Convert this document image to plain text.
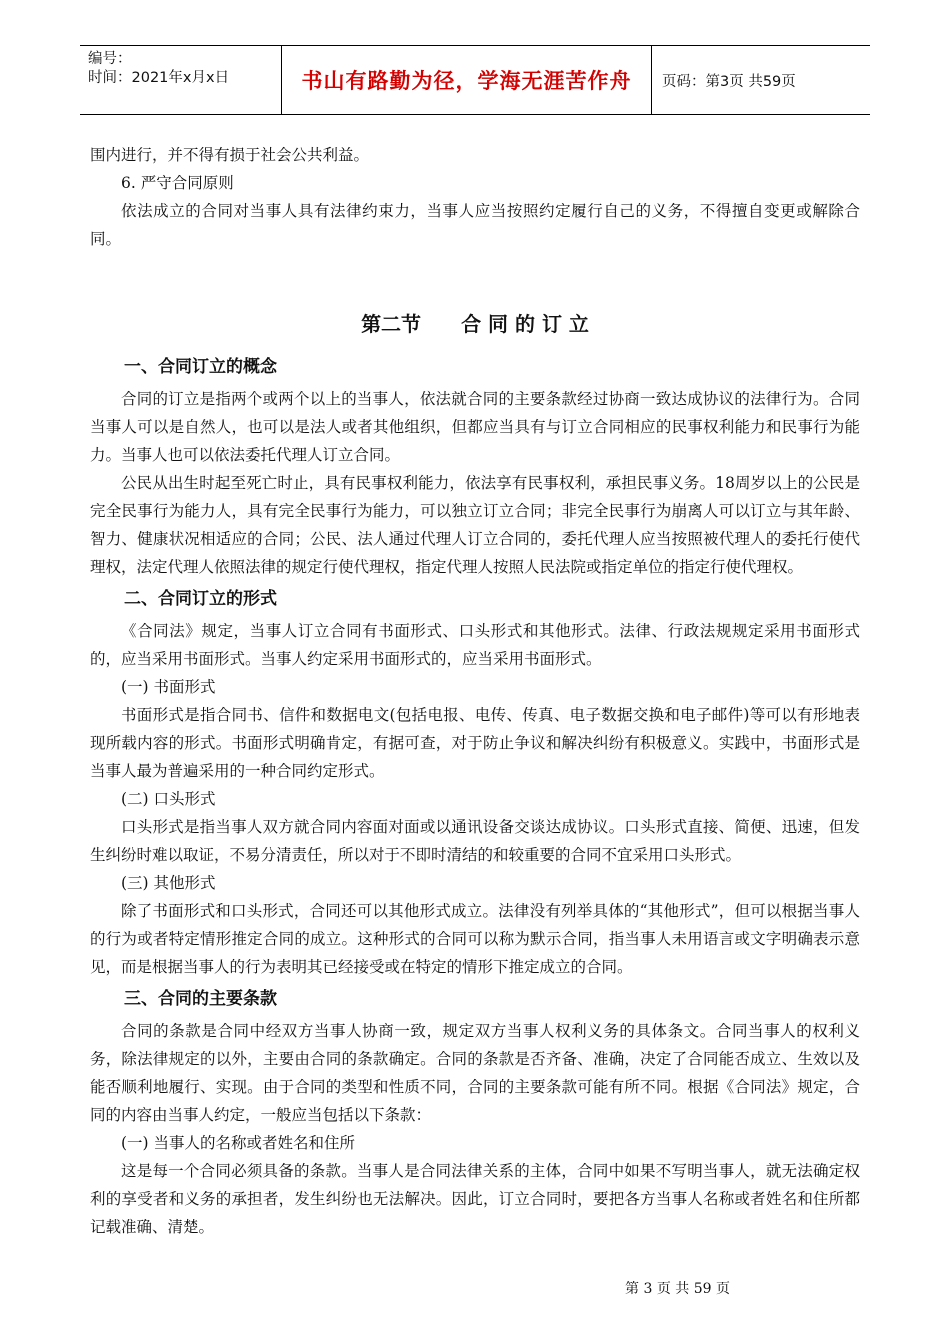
编号：
时间：2021年x月x日	书山有路勤为径，学海无涯苦作舟	页码：第3页 共59页

围内进行，并不得有损于社会公共利益。

6. 严守合同原则

依法成立的合同对当事人具有法律约束力，当事人应当按照约定履行自己的义务，不得擅自变更或解除合同。

第二节 合 同 的 订 立
一、合同订立的概念

合同的订立是指两个或两个以上的当事人，依法就合同的主要条款经过协商一致达成协议的法律行为。合同当事人可以是自然人，也可以是法人或者其他组织，但都应当具有与订立合同相应的民事权利能力和民事行为能力。当事人也可以依法委托代理人订立合同。

公民从出生时起至死亡时止，具有民事权利能力，依法享有民事权利，承担民事义务。18周岁以上的公民是完全民事行为能力人，具有完全民事行为能力，可以独立订立合同；非完全民事行为崩离人可以订立与其年龄、智力、健康状况相适应的合同；公民、法人通过代理人订立合同的，委托代理人应当按照被代理人的委托行使代理权，法定代理人依照法律的规定行使代理权，指定代理人按照人民法院或指定单位的指定行使代理权。

二、合同订立的形式

《合同法》规定，当事人订立合同有书面形式、口头形式和其他形式。法律、行政法规规定采用书面形式的，应当采用书面形式。当事人约定采用书面形式的，应当采用书面形式。

(一) 书面形式

书面形式是指合同书、信件和数据电文(包括电报、电传、传真、电子数据交换和电子邮件)等可以有形地表现所载内容的形式。书面形式明确肯定，有据可查，对于防止争议和解决纠纷有积极意义。实践中，书面形式是当事人最为普遍采用的一种合同约定形式。

(二) 口头形式

口头形式是指当事人双方就合同内容面对面或以通讯设备交谈达成协议。口头形式直接、简便、迅速，但发生纠纷时难以取证，不易分清责任，所以对于不即时清结的和较重要的合同不宜采用口头形式。

(三) 其他形式

除了书面形式和口头形式，合同还可以其他形式成立。法律没有列举具体的“其他形式”，但可以根据当事人的行为或者特定情形推定合同的成立。这种形式的合同可以称为默示合同，指当事人未用语言或文字明确表示意见，而是根据当事人的行为表明其已经接受或在特定的情形下推定成立的合同。

三、合同的主要条款

合同的条款是合同中经双方当事人协商一致，规定双方当事人权利义务的具体条文。合同当事人的权利义务，除法律规定的以外，主要由合同的条款确定。合同的条款是否齐备、准确，决定了合同能否成立、生效以及能否顺利地履行、实现。由于合同的类型和性质不同，合同的主要条款可能有所不同。根据《合同法》规定，合同的内容由当事人约定，一般应当包括以下条款：

(一) 当事人的名称或者姓名和住所

这是每一个合同必须具备的条款。当事人是合同法律关系的主体，合同中如果不写明当事人，就无法确定权利的享受者和义务的承担者，发生纠纷也无法解决。因此，订立合同时，要把各方当事人名称或者姓名和住所都记载准确、清楚。

第 3 页 共 59 页
